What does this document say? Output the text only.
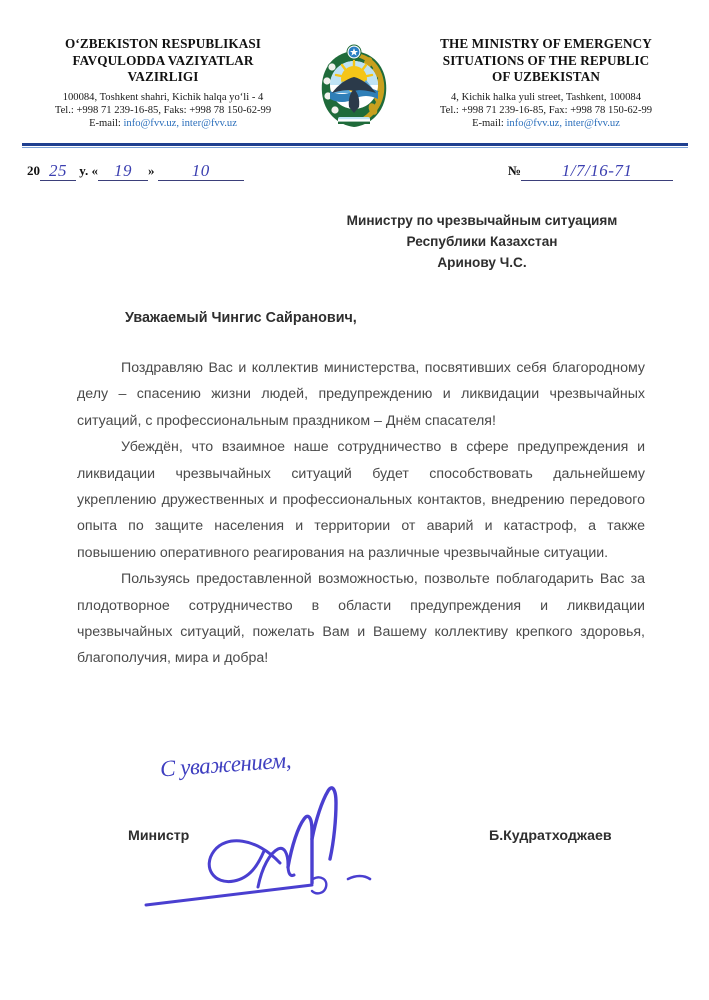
O‘ZBEKISTON RESPUBLIKASI
FAVQULODDA VAZIYATLAR
VAZIRLIGI
100084, Toshkent shahri, Kichik halqa yo‘li - 4
Tel.: +998 71 239-16-85, Faks: +998 78 150-62-99
E-mail: info@fvv.uz, inter@fvv.uz
THE MINISTRY OF EMERGENCY
SITUATIONS OF THE REPUBLIC
OF UZBEKISTAN
4, Kichik halka yuli street, Tashkent, 100084
Tel.: +998 71 239-16-85, Fax: +998 78 150-62-99
E-mail: info@fvv.uz, inter@fvv.uz
20 25 y. « 19 » 10	№ 1/7/16-71
Министру по чрезвычайным ситуациям
Республики Казахстан
Аринову Ч.С.
Уважаемый Чингис Сайранович,

Поздравляю Вас и коллектив министерства, посвятивших себя благородному делу – спасению жизни людей, предупреждению и ликвидации чрезвычайных ситуаций, с профессиональным праздником – Днём спасателя!

Убеждён, что взаимное наше сотрудничество в сфере предупреждения и ликвидации чрезвычайных ситуаций будет способствовать дальнейшему укреплению дружественных и профессиональных контактов, внедрению передового опыта по защите населения и территории от аварий и катастроф, а также повышению оперативного реагирования на различные чрезвычайные ситуации.

Пользуясь предоставленной возможностью, позвольте поблагодарить Вас за плодотворное сотрудничество в области предупреждения и ликвидации чрезвычайных ситуаций, пожелать Вам и Вашему коллективу крепкого здоровья, благополучия, мира и добра!

С уважением,
Министр	Б.Кудратходжаев
